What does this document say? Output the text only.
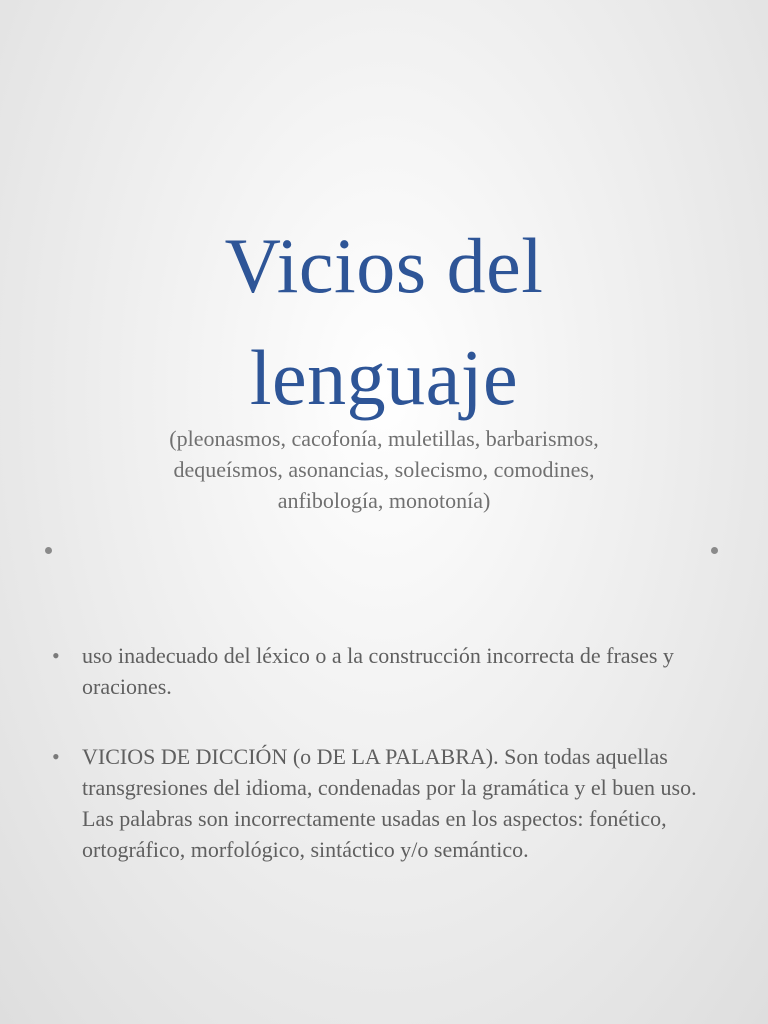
Vicios del
lenguaje
(pleonasmos, cacofonía, muletillas, barbarismos,
dequeísmos, asonancias, solecismo, comodines,
anfibología, monotonía)
• uso inadecuado del léxico o a la construcción incorrecta de frases y oraciones.
• VICIOS DE DICCIÓN (o DE LA PALABRA). Son todas aquellas transgresiones del idioma, condenadas por la gramática y el buen uso. Las palabras son incorrectamente usadas en los aspectos: fonético, ortográfico, morfológico, sintáctico y/o semántico.
